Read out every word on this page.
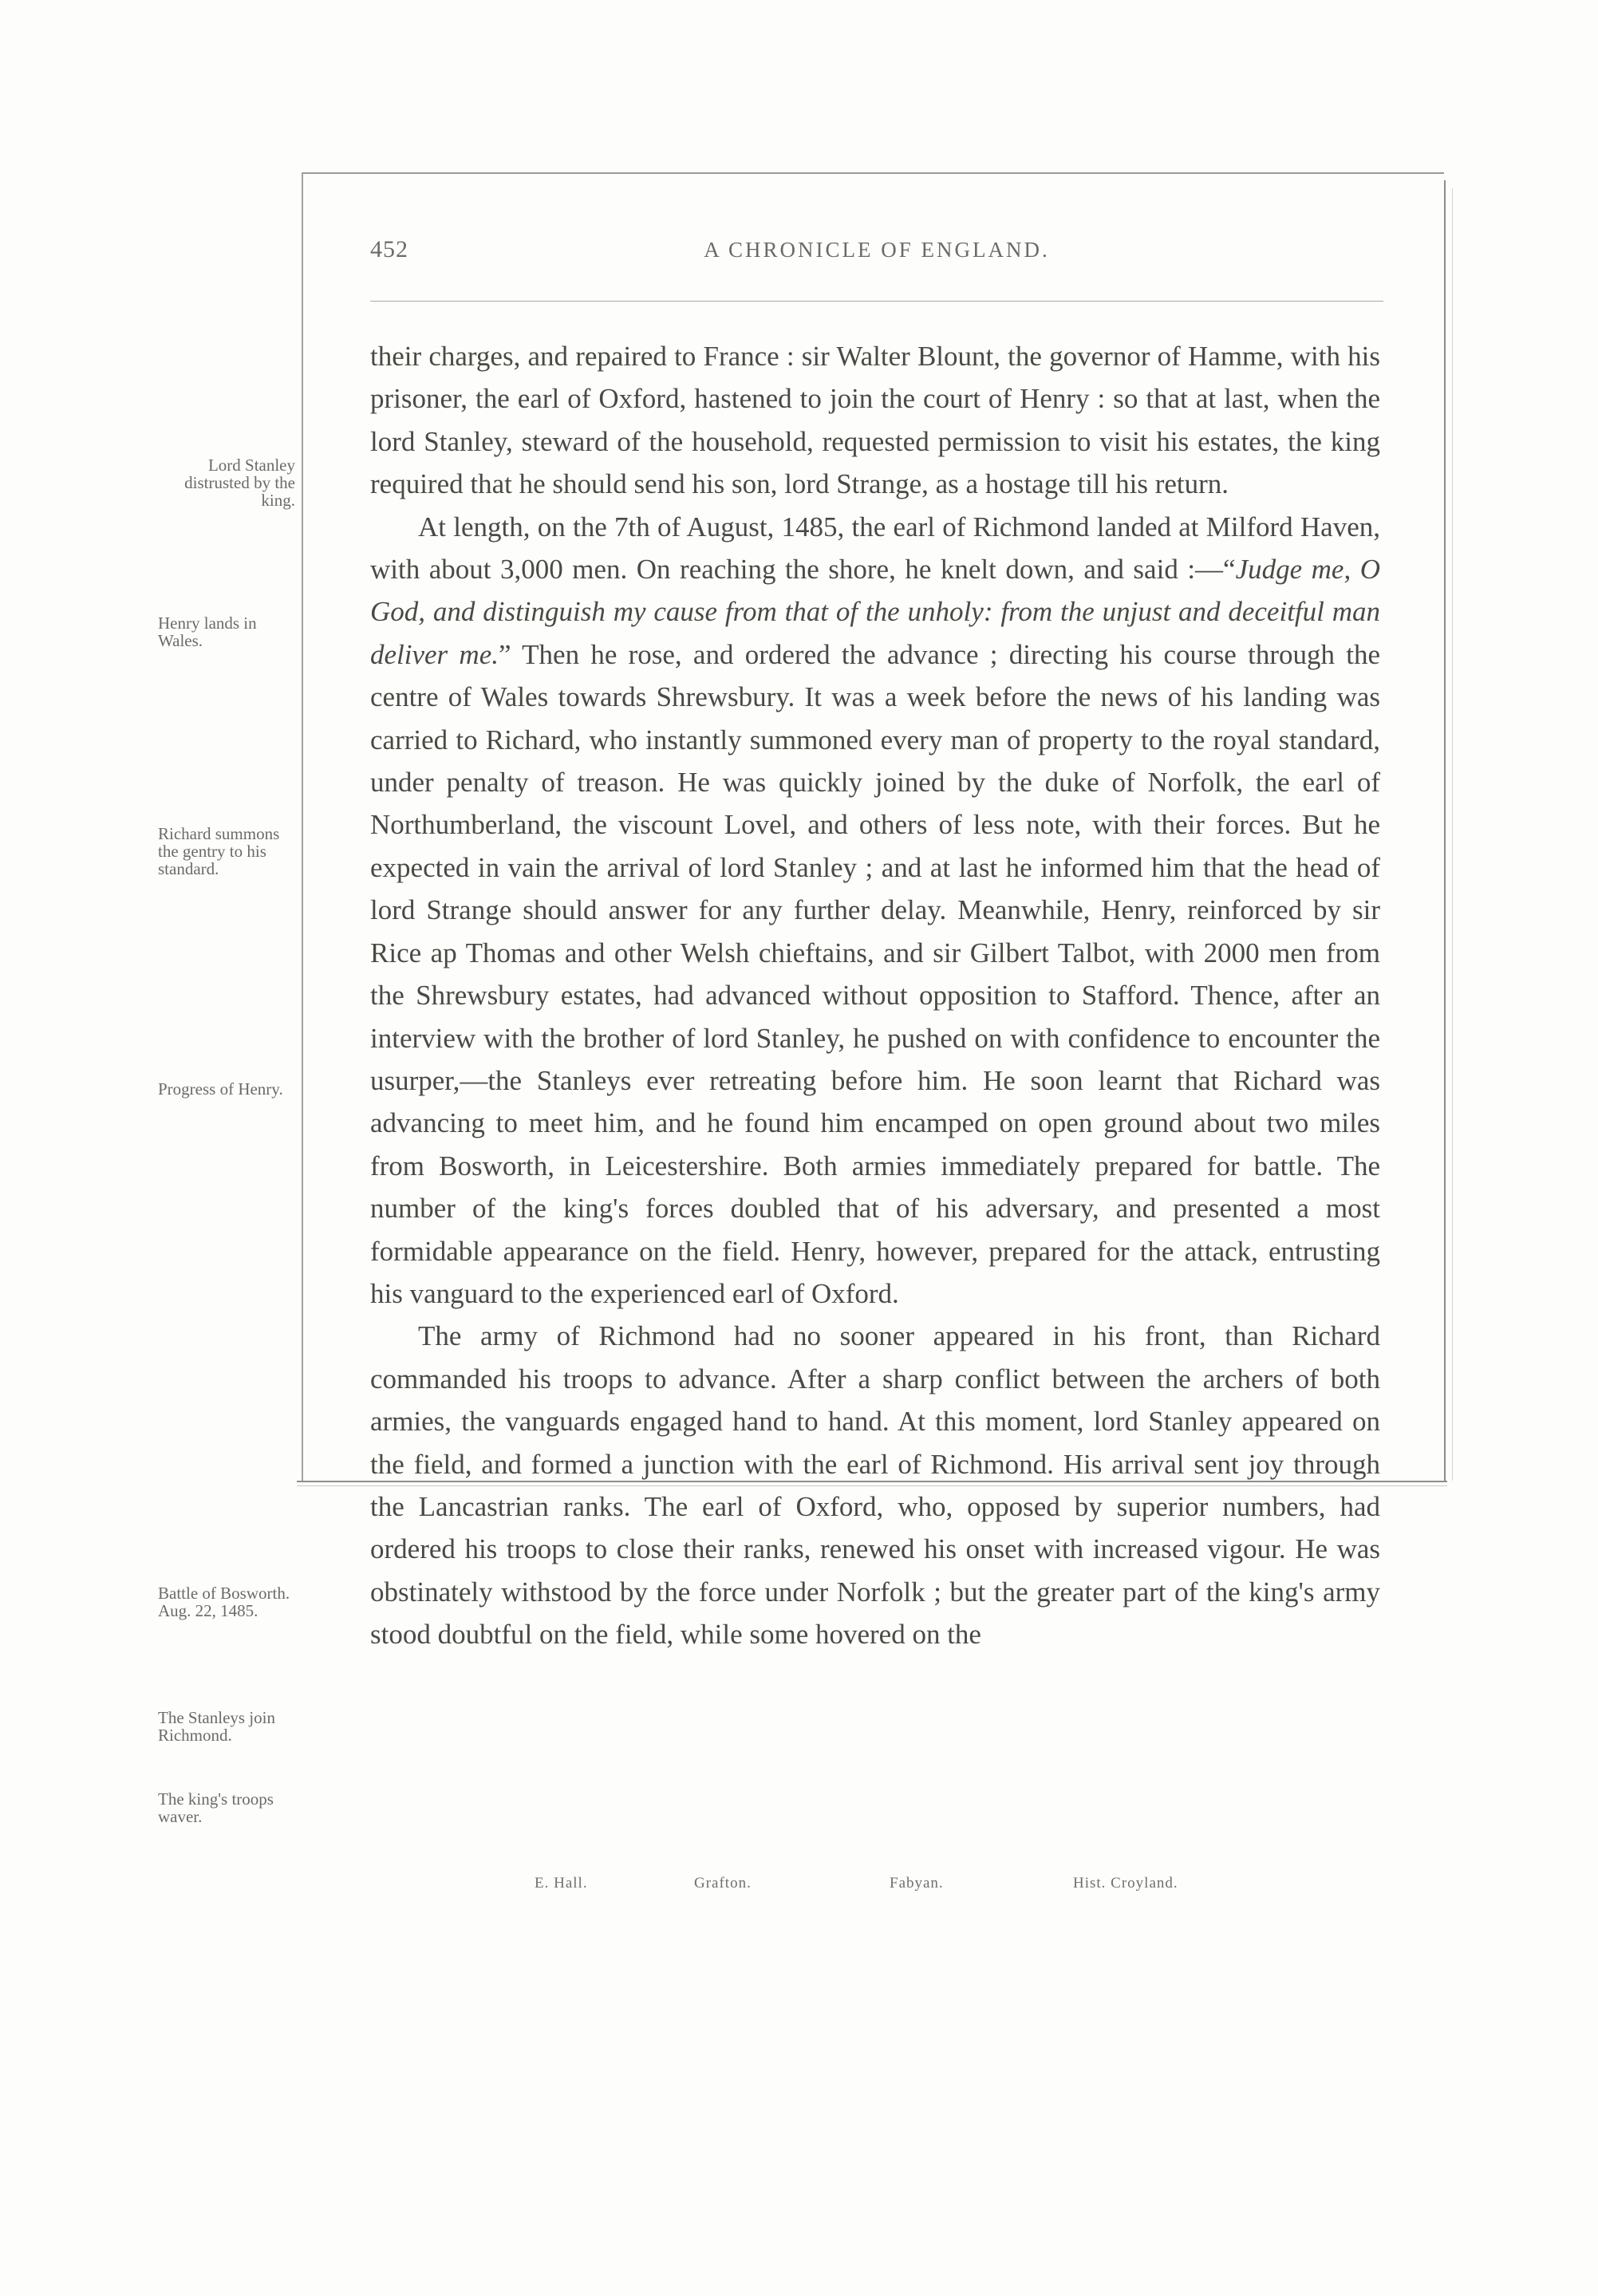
452	A CHRONICLE OF ENGLAND.
Lord Stanley distrusted by the king.
Henry lands in Wales.
Richard summons the gentry to his standard.
Progress of Henry.
Battle of Bosworth. Aug. 22, 1485.
The Stanleys join Richmond.
The king's troops waver.

their charges, and repaired to France : sir Walter Blount, the governor of Hamme, with his prisoner, the earl of Oxford, hastened to join the court of Henry : so that at last, when the lord Stanley, steward of the household, requested permission to visit his estates, the king required that he should send his son, lord Strange, as a hostage till his return.

At length, on the 7th of August, 1485, the earl of Richmond landed at Milford Haven, with about 3,000 men. On reaching the shore, he knelt down, and said :—“Judge me, O God, and distinguish my cause from that of the unholy: from the unjust and deceitful man deliver me.” Then he rose, and ordered the advance ; directing his course through the centre of Wales towards Shrewsbury. It was a week before the news of his landing was carried to Richard, who instantly summoned every man of property to the royal standard, under penalty of treason. He was quickly joined by the duke of Norfolk, the earl of Northumberland, the viscount Lovel, and others of less note, with their forces. But he expected in vain the arrival of lord Stanley ; and at last he informed him that the head of lord Strange should answer for any further delay. Meanwhile, Henry, reinforced by sir Rice ap Thomas and other Welsh chieftains, and sir Gilbert Talbot, with 2000 men from the Shrewsbury estates, had advanced without opposition to Stafford. Thence, after an interview with the brother of lord Stanley, he pushed on with confidence to encounter the usurper,—the Stanleys ever retreating before him. He soon learnt that Richard was advancing to meet him, and he found him encamped on open ground about two miles from Bosworth, in Leicestershire. Both armies immediately prepared for battle. The number of the king's forces doubled that of his adversary, and presented a most formidable appearance on the field. Henry, however, prepared for the attack, entrusting his vanguard to the experienced earl of Oxford.

The army of Richmond had no sooner appeared in his front, than Richard commanded his troops to advance. After a sharp conflict between the archers of both armies, the vanguards engaged hand to hand. At this moment, lord Stanley appeared on the field, and formed a junction with the earl of Richmond. His arrival sent joy through the Lancastrian ranks. The earl of Oxford, who, opposed by superior numbers, had ordered his troops to close their ranks, renewed his onset with increased vigour. He was obstinately withstood by the force under Norfolk ; but the greater part of the king's army stood doubtful on the field, while some hovered on the

E. Hall.	Grafton.	Fabyan.	Hist. Croyland.
